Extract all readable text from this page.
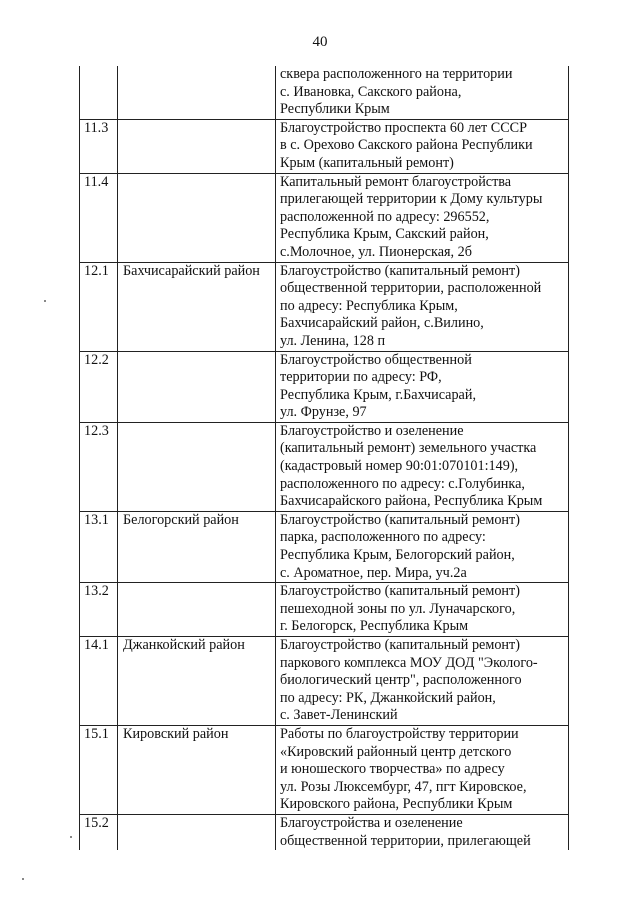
40

		сквера расположенного на территории
с. Ивановка, Сакского района,
Республики Крым

11.3		Благоустройство проспекта 60 лет СССР
в с. Орехово Сакского района Республики
Крым (капитальный ремонт)

11.4		Капитальный ремонт благоустройства
прилегающей территории к Дому культуры
расположенной по адресу: 296552,
Республика Крым, Сакский район,
с.Молочное, ул. Пионерская, 2б

12.1	Бахчисарайский район	Благоустройство (капитальный ремонт)
общественной территории, расположенной
по адресу: Республика Крым,
Бахчисарайский район, с.Вилино,
ул. Ленина, 128 п

12.2		Благоустройство общественной
территории по адресу: РФ,
Республика Крым, г.Бахчисарай,
ул. Фрунзе, 97

12.3		Благоустройство и озеленение
(капитальный ремонт) земельного участка
(кадастровый номер 90:01:070101:149),
расположенного по адресу: с.Голубинка,
Бахчисарайского района, Республика Крым

13.1	Белогорский район	Благоустройство (капитальный ремонт)
парка, расположенного по адресу:
Республика Крым, Белогорский район,
с. Ароматное, пер. Мира, уч.2а

13.2		Благоустройство (капитальный ремонт)
пешеходной зоны по ул. Луначарского,
г. Белогорск, Республика Крым

14.1	Джанкойский район	Благоустройство (капитальный ремонт)
паркового комплекса МОУ ДОД "Эколого-
биологический центр", расположенного
по адресу: РК, Джанкойский район,
с. Завет-Ленинский

15.1	Кировский район	Работы по благоустройству территории
«Кировский районный центр детского
и юношеского творчества» по адресу
ул. Розы Люксембург, 47, пгт Кировское,
Кировского района, Республики Крым

15.2		Благоустройства и озеленение
общественной территории, прилегающей
